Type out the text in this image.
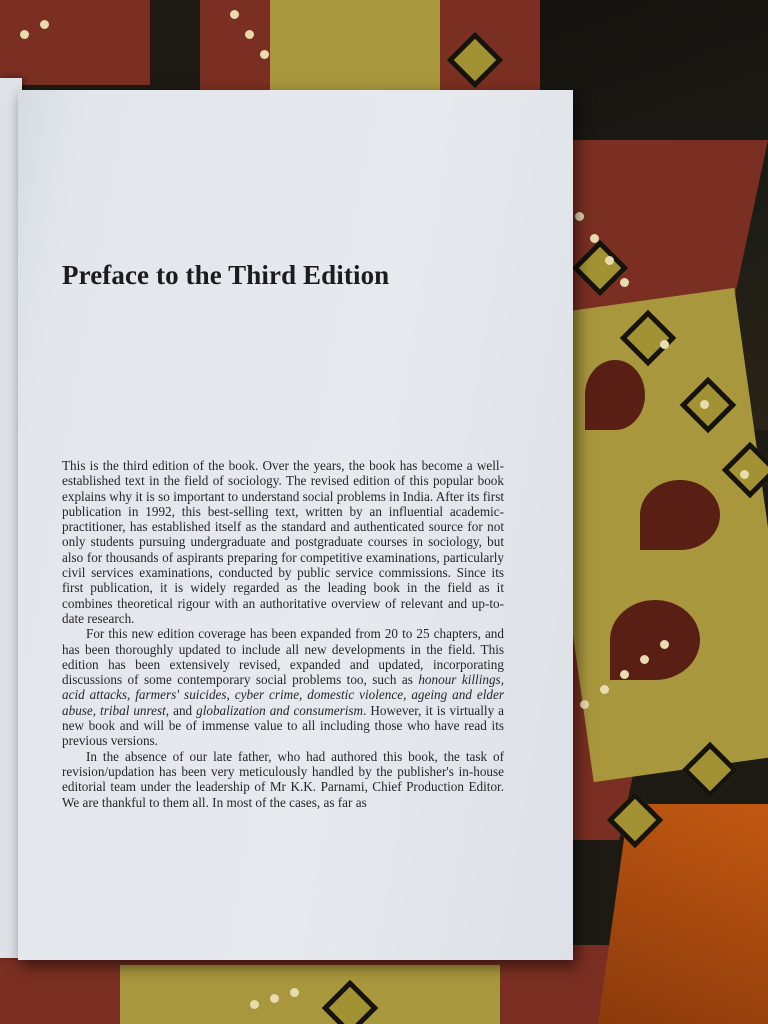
Preface to the Third Edition

This is the third edition of the book. Over the years, the book has become a well-established text in the field of sociology. The revised edition of this popular book explains why it is so important to understand social problems in India. After its first publication in 1992, this best-selling text, written by an influential academic-practitioner, has established itself as the standard and authenticated source for not only students pursuing undergraduate and postgraduate courses in sociology, but also for thousands of aspirants preparing for competitive examinations, particularly civil services examinations, conducted by public service commissions. Since its first publication, it is widely regarded as the leading book in the field as it combines theoretical rigour with an authoritative overview of relevant and up-to-date research.

For this new edition coverage has been expanded from 20 to 25 chapters, and has been thoroughly updated to include all new developments in the field. This edition has been extensively revised, expanded and updated, incorporating discussions of some contemporary social problems too, such as honour killings, acid attacks, farmers' suicides, cyber crime, domestic violence, ageing and elder abuse, tribal unrest, and globalization and consumerism. However, it is virtually a new book and will be of immense value to all including those who have read its previous versions.

In the absence of our late father, who had authored this book, the task of revision/updation has been very meticulously handled by the publisher's in-house editorial team under the leadership of Mr K.K. Parnami, Chief Production Editor. We are thankful to them all. In most of the cases, as far as
